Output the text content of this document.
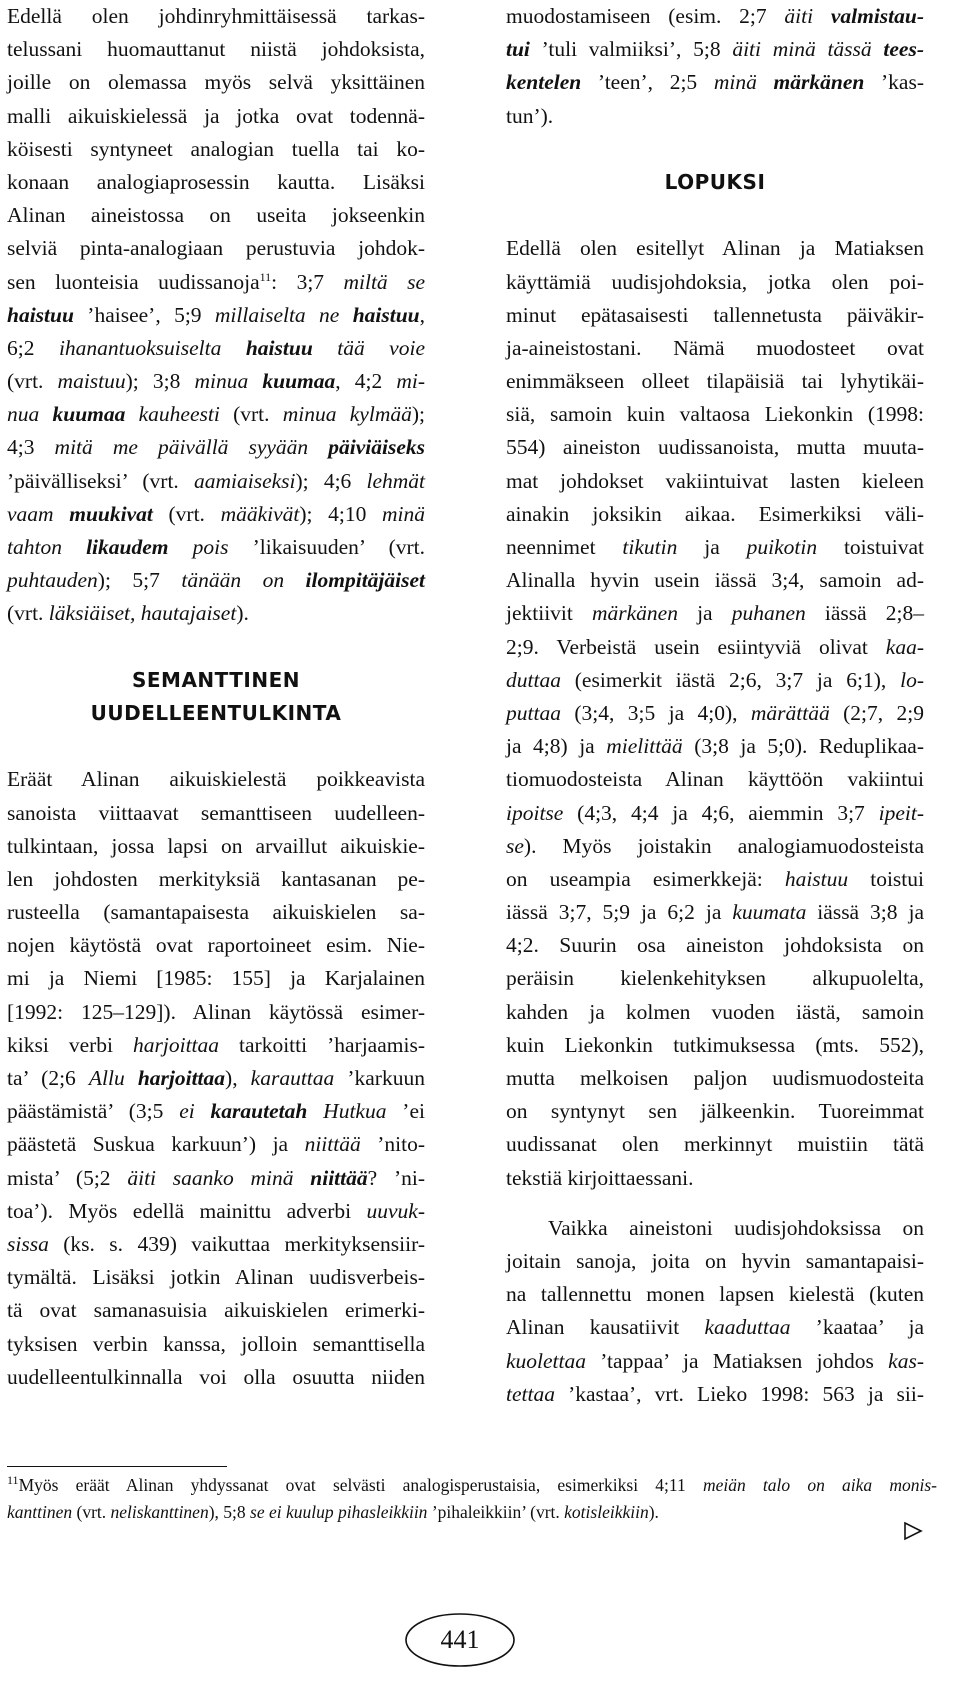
Edellä olen johdinryhmittäisessä tarkas-
telussani huomauttanut niistä johdoksista,
joille on olemassa myös selvä yksittäinen
malli aikuiskielessä ja jotka ovat todennä-
köisesti syntyneet analogian tuella tai ko-
konaan analogiaprosessin kautta. Lisäksi
Alinan aineistossa on useita jokseenkin
selviä pinta-analogiaan perustuvia johdok-
sen luonteisia uudissanoja$^{11}$: 3;7 miltä se
haistuu ’haisee’, 5;9 millaiselta ne haistuu,
6;2 ihanantuoksuiselta haistuu tää voie
(vrt. maistuu); 3;8 minua kuumaa, 4;2 mi-
nua kuumaa kauheesti (vrt. minua kylmää);
4;3 mitä me päivällä syyään päiviäiseks
’päivälliseksi’ (vrt. aamiaiseksi); 4;6 lehmät
vaam muukivat (vrt. määkivät); 4;10 minä
tahton likaudem pois ’likaisuuden’ (vrt.
puhtauden); 5;7 tänään on ilompitäjäiset
(vrt. läksiäiset, hautajaiset).
SEMANTTINEN
UUDELLEENTULKINTA
Eräät Alinan aikuiskielestä poikkeavista
sanoista viittaavat semanttiseen uudelleen-
tulkintaan, jossa lapsi on arvaillut aikuiskie-
len johdosten merkityksiä kantasanan pe-
rusteella (samantapaisesta aikuiskielen sa-
nojen käytöstä ovat raportoineet esim. Nie-
mi ja Niemi [1985: 155] ja Karjalainen
[1992: 125–129]). Alinan käytössä esimer-
kiksi verbi harjoittaa tarkoitti ’harjaamis-
ta’ (2;6 Allu harjoittaa), karauttaa ’karkuun
päästämistä’ (3;5 ei karautetah Hutkua ’ei
päästetä Suskua karkuun’) ja niittää ’nito-
mista’ (5;2 äiti saanko minä niittää? ’ni-
toa’). Myös edellä mainittu adverbi uuvuk-
sissa (ks. s. 439) vaikuttaa merkityksensiir-
tymältä. Lisäksi jotkin Alinan uudisverbeis-
tä ovat samanasuisia aikuiskielen erimerki-
tyksisen verbin kanssa, jolloin semanttisella
uudelleentulkinnalla voi olla osuutta niiden
muodostamiseen (esim. 2;7 äiti valmistau-
tui ’tuli valmiiksi’, 5;8 äiti minä tässä tees-
kentelen ’teen’, 2;5 minä märkänen ’kas-
tun’).
LOPUKSI
Edellä olen esitellyt Alinan ja Matiaksen
käyttämiä uudisjohdoksia, jotka olen poi-
minut epätasaisesti tallennetusta päiväkir-
ja-aineistostani. Nämä muodosteet ovat
enimmäkseen olleet tilapäisiä tai lyhytikäi-
siä, samoin kuin valtaosa Liekonkin (1998:
554) aineiston uudissanoista, mutta muuta-
mat johdokset vakiintuivat lasten kieleen
ainakin joksikin aikaa. Esimerkiksi väli-
neennimet tikutin ja puikotin toistuivat
Alinalla hyvin usein iässä 3;4, samoin ad-
jektiivit märkänen ja puhanen iässä 2;8–
2;9. Verbeistä usein esiintyviä olivat kaa-
duttaa (esimerkit iästä 2;6, 3;7 ja 6;1), lo-
puttaa (3;4, 3;5 ja 4;0), märättää (2;7, 2;9
ja 4;8) ja mielittää (3;8 ja 5;0). Reduplikaa-
tiomuodosteista Alinan käyttöön vakiintui
ipoitse (4;3, 4;4 ja 4;6, aiemmin 3;7 ipeit-
se). Myös joistakin analogiamuodosteista
on useampia esimerkkejä: haistuu toistui
iässä 3;7, 5;9 ja 6;2 ja kuumata iässä 3;8 ja
4;2. Suurin osa aineiston johdoksista on
peräisin kielenkehityksen alkupuolelta,
kahden ja kolmen vuoden iästä, samoin
kuin Liekonkin tutkimuksessa (mts. 552),
mutta melkoisen paljon uudismuodosteita
on syntynyt sen jälkeenkin. Tuoreimmat
uudissanat olen merkinnyt muistiin tätä
tekstiä kirjoittaessani.
Vaikka aineistoni uudisjohdoksissa on
joitain sanoja, joita on hyvin samantapaisi-
na tallennettu monen lapsen kielestä (kuten
Alinan kausatiivit kaaduttaa ’kaataa’ ja
kuolettaa ’tappaa’ ja Matiaksen johdos kas-
tettaa ’kastaa’, vrt. Lieko 1998: 563 ja sii-
$^{11}$Myös eräät Alinan yhdyssanat ovat selvästi analogisperustaisia, esimerkiksi 4;11 meiän talo on aika monis-
kanttinen (vrt. neliskanttinen), 5;8 se ei kuulup pihasleikkiin ’pihaleikkiin’ (vrt. kotisleikkiin).
441
